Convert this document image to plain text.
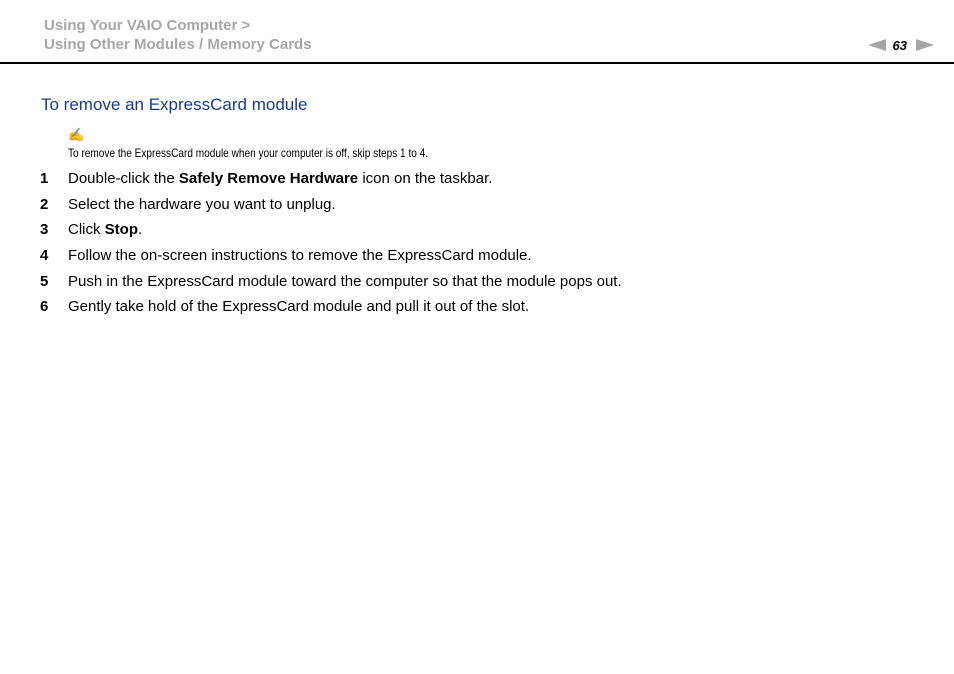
Using Your VAIO Computer >
Using Other Modules / Memory Cards	63
To remove an ExpressCard module
✍
To remove the ExpressCard module when your computer is off, skip steps 1 to 4.
1 Double-click the Safely Remove Hardware icon on the taskbar.
2 Select the hardware you want to unplug.
3 Click Stop.
4 Follow the on-screen instructions to remove the ExpressCard module.
5 Push in the ExpressCard module toward the computer so that the module pops out.
6 Gently take hold of the ExpressCard module and pull it out of the slot.
